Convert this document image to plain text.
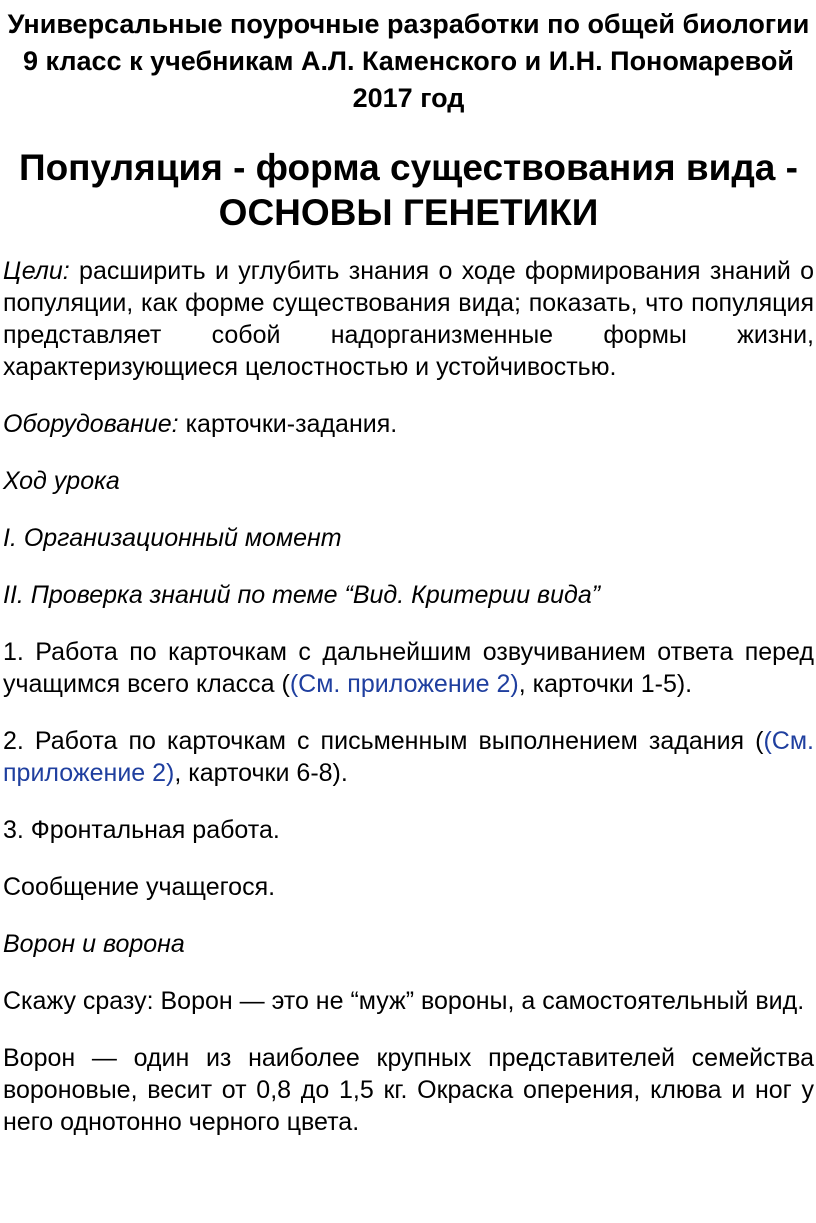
Универсальные поурочные разработки по общей биологии 9 класс к учебникам А.Л. Каменского и И.Н. Пономаревой 2017 год
Популяция - форма существования вида - ОСНОВЫ ГЕНЕТИКИ

Цели: расширить и углубить знания о ходе формирования знаний о популяции, как форме существования вида; показать, что популяция представляет собой надорганизменные формы жизни, характеризующиеся целостностью и устойчивостью.

Оборудование: карточки-задания.

Ход урока

I. Организационный момент

II. Проверка знаний по теме “Вид. Критерии вида”

1. Работа по карточкам с дальнейшим озвучиванием ответа перед учащимся всего класса ((См. приложение 2), карточки 1-5).

2. Работа по карточкам с письменным выполнением задания ((См. приложение 2), карточки 6-8).

3. Фронтальная работа.

Сообщение учащегося.

Ворон и ворона

Скажу сразу: Ворон — это не “муж” вороны, а самостоятельный вид.

Ворон — один из наиболее крупных представителей семейства вороновые, весит от 0,8 до 1,5 кг. Окраска оперения, клюва и ног у него однотонно черного цвета.
